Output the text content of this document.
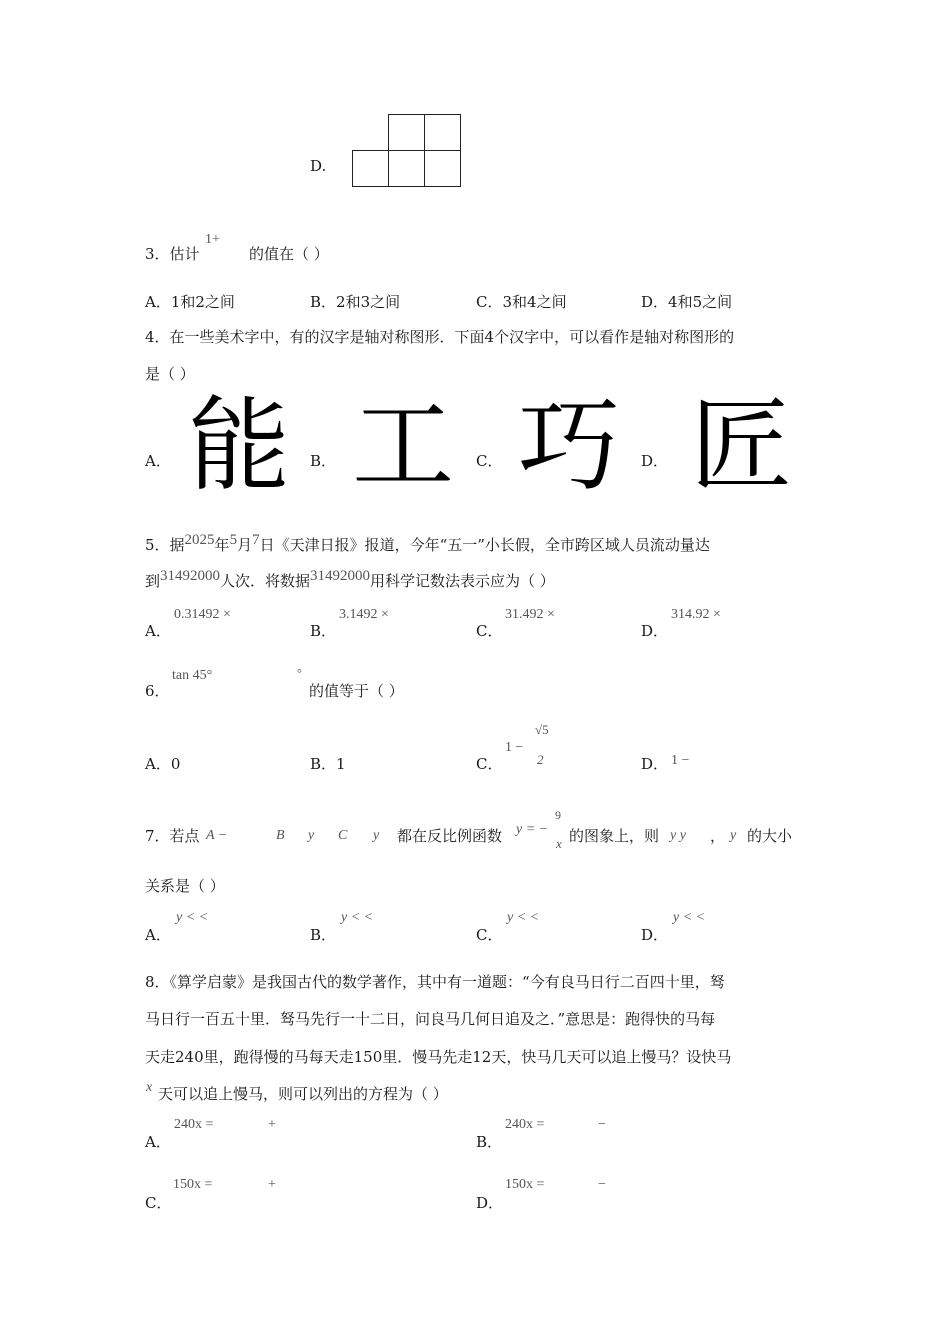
D.
3．估计
1+
的值在（ ）
A．1和2之间	B．2和3之间	C．3和4之间	D．4和5之间
4．在一些美术字中，有的汉字是轴对称图形．下面4个汉字中，可以看作是轴对称图形的
是（ ）
A． 能 B． 工 C． 巧 D． 匠
5．据2025年5月7日《天津日报》报道，今年“五一”小长假，全市跨区域人员流动量达
到31492000人次．将数据31492000用科学记数法表示应为（ ）
A．
0.31492 ×
B．
3.1492 ×
C．
31.492 ×
D．
314.92 ×
6．
tan 45°	°
的值等于（ ）
A．0	B．1	C．
1 −
√5
2	D． 1 −
7．若点 A −	B y C y 都在反比例函数 y = −
9
x 的图象上，则 y y ， y 的大小
关系是（ ）
A．
y < <
B．
y < <
C．
y < <
D．
y < <
8．《算学启蒙》是我国古代的数学著作，其中有一道题：“今有良马日行二百四十里，驽
马日行一百五十里．驽马先行一十二日，问良马几何日追及之．”意思是：跑得快的马每
天走240里，跑得慢的马每天走150里．慢马先走12天，快马几天可以追上慢马？设快马
x 天可以追上慢马，则可以列出的方程为（ ）
A．
240x =	+
B．
240x =	−
C．
150x =	+
D．
150x =	−
